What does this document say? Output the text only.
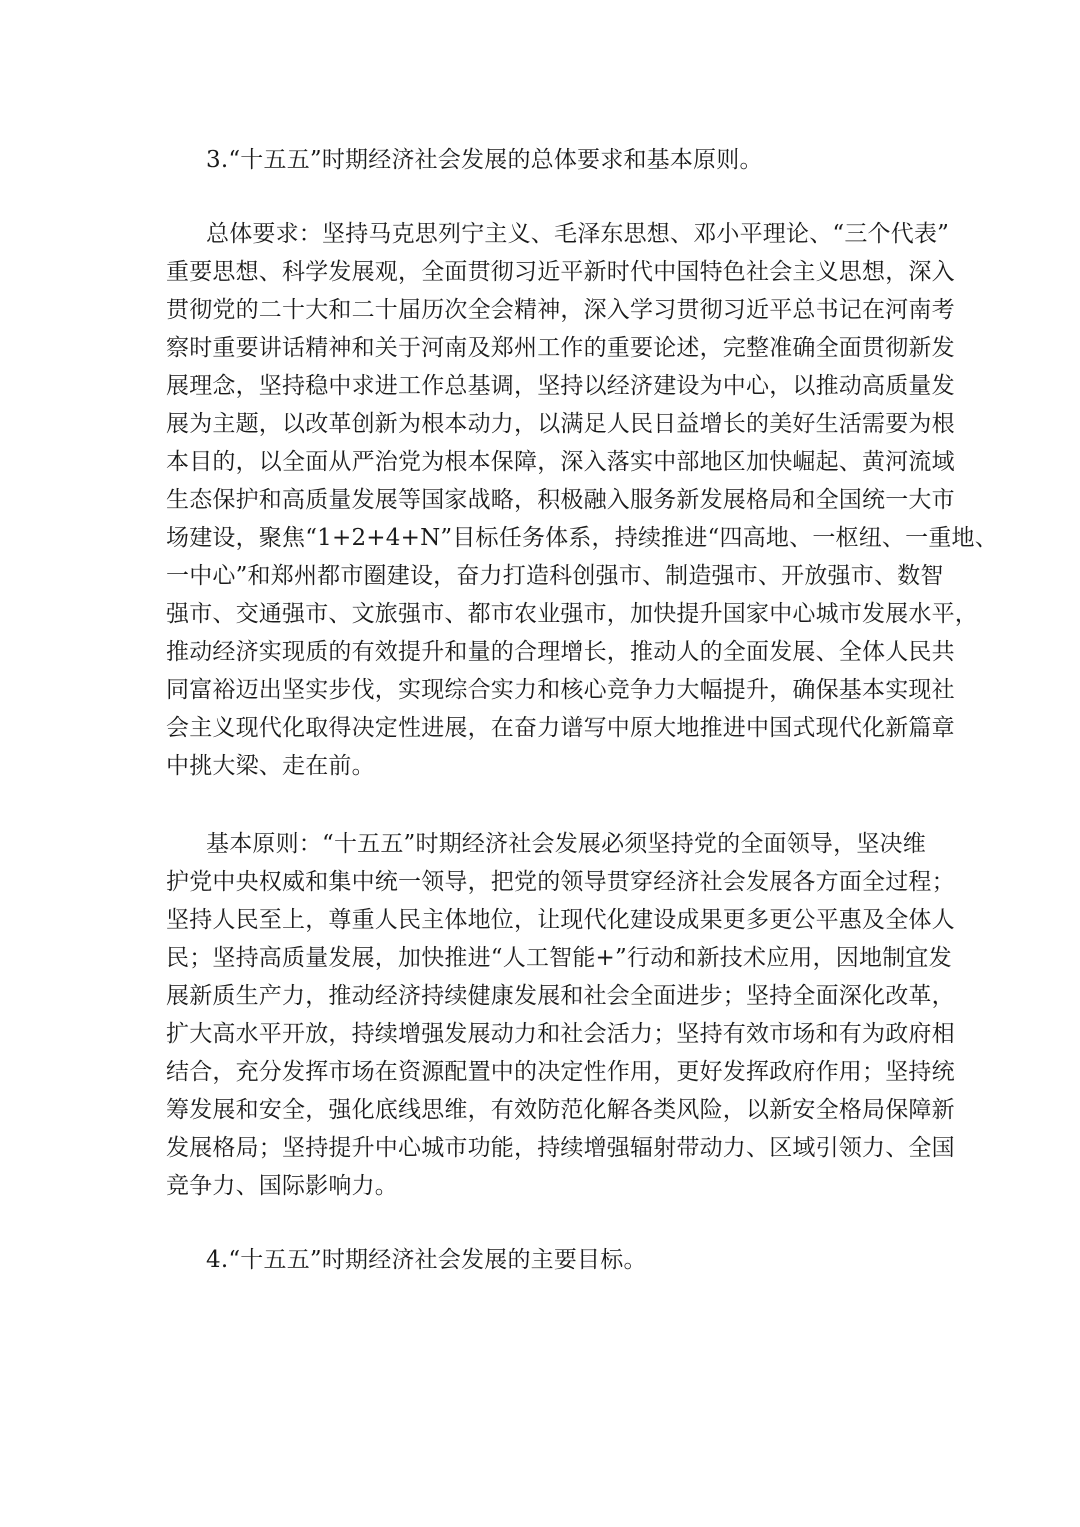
3.“十五五”时期经济社会发展的总体要求和基本原则。
总体要求：坚持马克思列宁主义、毛泽东思想、邓小平理论、“三个代表”
重要思想、科学发展观，全面贯彻习近平新时代中国特色社会主义思想，深入
贯彻党的二十大和二十届历次全会精神，深入学习贯彻习近平总书记在河南考
察时重要讲话精神和关于河南及郑州工作的重要论述，完整准确全面贯彻新发
展理念，坚持稳中求进工作总基调，坚持以经济建设为中心，以推动高质量发
展为主题，以改革创新为根本动力，以满足人民日益增长的美好生活需要为根
本目的，以全面从严治党为根本保障，深入落实中部地区加快崛起、黄河流域
生态保护和高质量发展等国家战略，积极融入服务新发展格局和全国统一大市
场建设，聚焦“1+2+4+N”目标任务体系，持续推进“四高地、一枢纽、一重地、
一中心”和郑州都市圈建设，奋力打造科创强市、制造强市、开放强市、数智
强市、交通强市、文旅强市、都市农业强市，加快提升国家中心城市发展水平，
推动经济实现质的有效提升和量的合理增长，推动人的全面发展、全体人民共
同富裕迈出坚实步伐，实现综合实力和核心竞争力大幅提升，确保基本实现社
会主义现代化取得决定性进展，在奋力谱写中原大地推进中国式现代化新篇章
中挑大梁、走在前。
基本原则：“十五五”时期经济社会发展必须坚持党的全面领导，坚决维
护党中央权威和集中统一领导，把党的领导贯穿经济社会发展各方面全过程；
坚持人民至上，尊重人民主体地位，让现代化建设成果更多更公平惠及全体人
民；坚持高质量发展，加快推进“人工智能+”行动和新技术应用，因地制宜发
展新质生产力，推动经济持续健康发展和社会全面进步；坚持全面深化改革，
扩大高水平开放，持续增强发展动力和社会活力；坚持有效市场和有为政府相
结合，充分发挥市场在资源配置中的决定性作用，更好发挥政府作用；坚持统
筹发展和安全，强化底线思维，有效防范化解各类风险，以新安全格局保障新
发展格局；坚持提升中心城市功能，持续增强辐射带动力、区域引领力、全国
竞争力、国际影响力。
4.“十五五”时期经济社会发展的主要目标。
